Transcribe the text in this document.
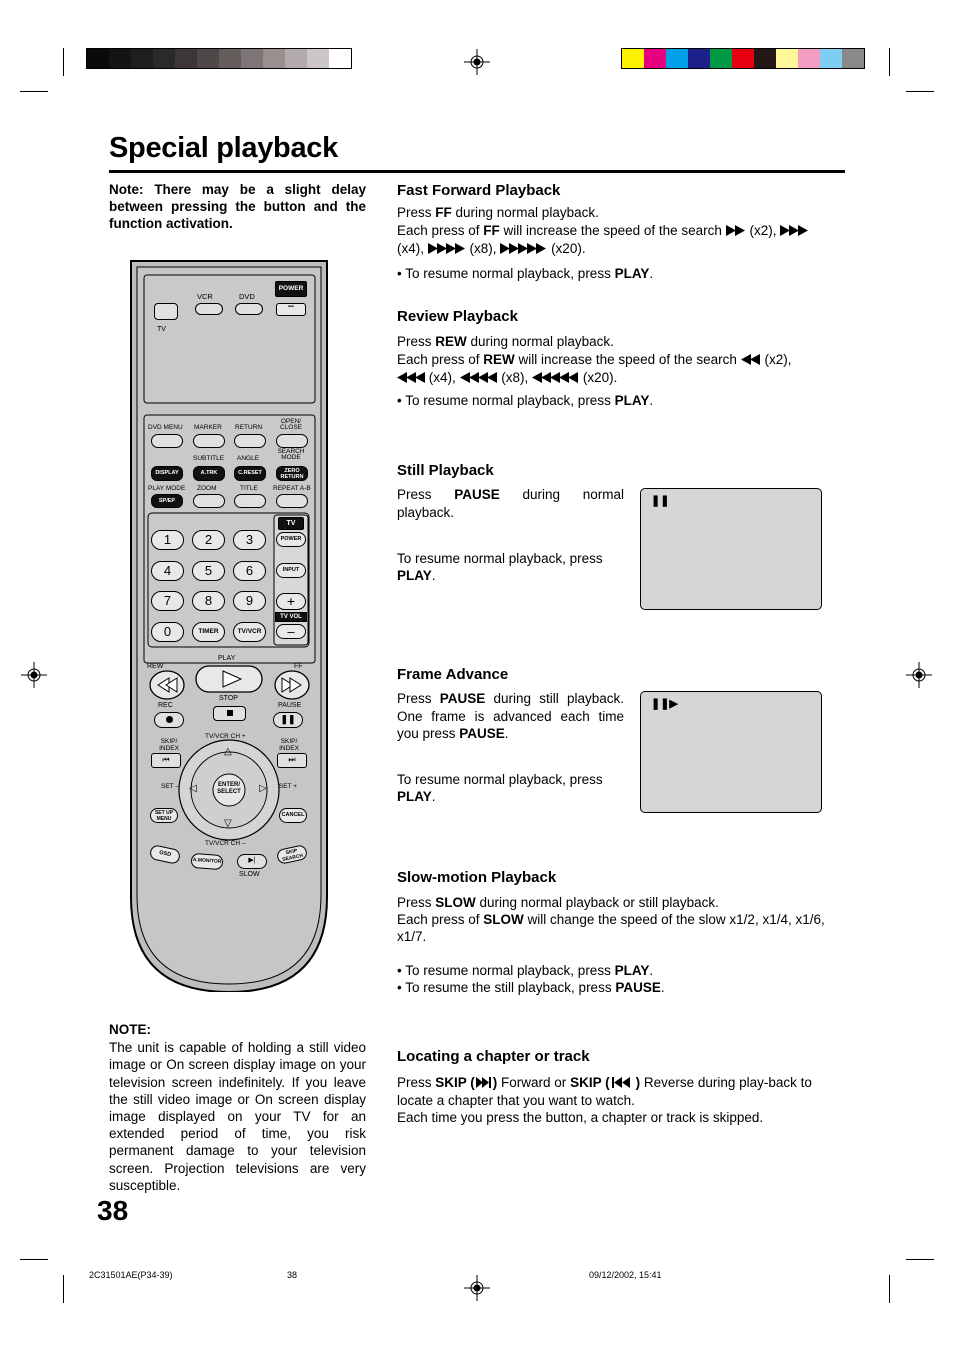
Special playback
Note: There may be a slight delay between pressing the button and the function activation.
VCR	DVD
POWER
•••
TV
DVD MENU MARKER RETURN
OPEN/ CLOSE
SUBTITLE ANGLE
SEARCH MODE
DISPLAY	A.TRK	C.RESET	ZERO RETURN
PLAY MODE ZOOM	TITLE REPEAT A-B
SP/EP
1	2	3
4	5	6
7	8	9
0	TIMER	TV/VCR
TV
POWER
INPUT
+
TV VOL
–
PLAY
REW	FF
STOP
REC	PAUSE
❚❚
SKIP/ INDEX
SKIP/ INDEX
TV/VCR CH +
⏮	⏭
△
▽
◁	▷
ENTER/ SELECT
SET –	SET +
SET UP MENU
CANCEL
TV/VCR CH –
OSD
A.MONITOR	▶|
SKIP SEARCH
SLOW
NOTE:
The unit is capable of holding a still video image or On screen display image on your television screen indefinitely. If you leave the still video image or On screen display image displayed on your TV for an extended period of time, you risk permanent damage to your television screen. Projection televisions are very susceptible.
Fast Forward Playback
Press FF during normal playback.
Each press of FF will increase the speed of the search (x2),
(x4),	(x8),	(x20).
• To resume normal playback, press PLAY.
Review Playback
Press REW during normal playback.
Each press of REW will increase the speed of the search (x2),
(x4),	(x8),	(x20).
• To resume normal playback, press PLAY.
Still Playback
Press PAUSE during normal playback.
To resume normal playback, press PLAY.
❚❚
Frame Advance
Press PAUSE during still playback. One frame is advanced each time you press PAUSE.
To resume normal playback, press PLAY.
❚❚▶
Slow-motion Playback
Press SLOW during normal playback or still playback.
Each press of SLOW will change the speed of the slow x1/2, x1/4, x1/6, x1/7.
• To resume normal playback, press PLAY.
• To resume the still playback, press PAUSE.
Locating a chapter or track
Press SKIP ( ) Forward or SKIP ( ) Reverse during play-back to locate a chapter that you want to watch.
Each time you press the button, a chapter or track is skipped.
38
2C31501AE(P34-39)	38	09/12/2002, 15:41
